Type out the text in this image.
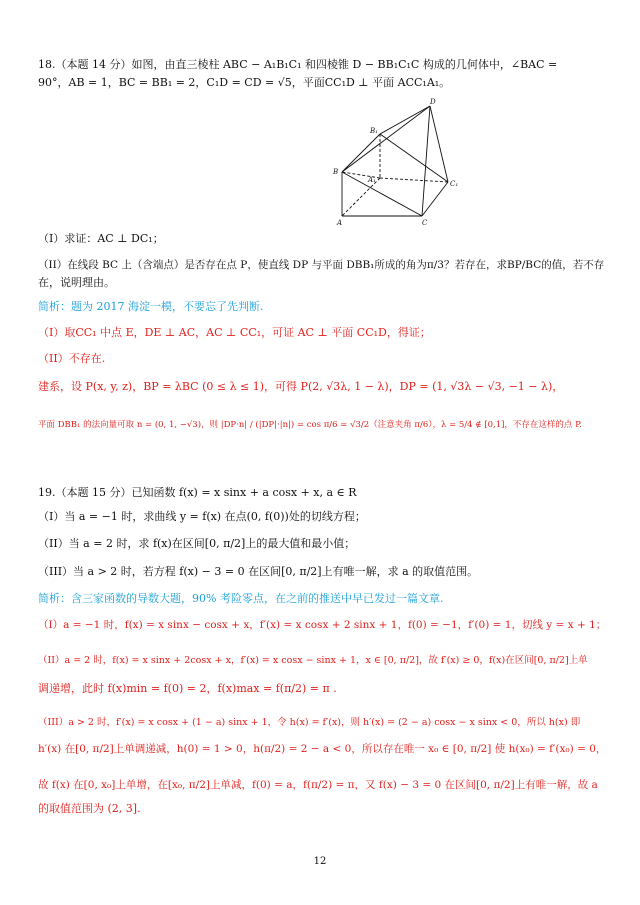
18.（本题 14 分）如图，由直三棱柱 ABC − A₁B₁C₁ 和四棱锥 D − BB₁C₁C 构成的几何体中，∠BAC =
90°，AB = 1，BC = BB₁ = 2，C₁D = CD = √5，平面CC₁D ⊥ 平面 ACC₁A₁。
D
B₁
B
A₁	C₁
A	C
（I）求证：AC ⊥ DC₁；
（II）在线段 BC 上（含端点）是否存在点 P，使直线 DP 与平面 DBB₁所成的角为π/3？若存在，求BP/BC的值，若不存
在，说明理由。
简析：题为 2017 海淀一模，不要忘了先判断.
（I）取CC₁ 中点 E，DE ⊥ AC，AC ⊥ CC₁，可证 AC ⊥ 平面 CC₁D，得证；
（II）不存在.
建系，设 P(x, y, z)，BP = λBC (0 ≤ λ ≤ 1)，可得 P(2, √3λ, 1 − λ)，DP = (1, √3λ − √3, −1 − λ)，
平面 DBB₁ 的法向量可取 n = (0, 1, −√3)，则 |DP·n| / (|DP|·|n|) = cos π/6 = √3/2（注意夹角 π/6），λ = 5/4 ∉ [0,1]，不存在这样的点 P.
19.（本题 15 分）已知函数 f(x) = x sinx + a cosx + x, a ∈ R
（I）当 a = −1 时，求曲线 y = f(x) 在点(0, f(0))处的切线方程；
（II）当 a = 2 时，求 f(x)在区间[0, π/2]上的最大值和最小值；
（III）当 a > 2 时，若方程 f(x) − 3 = 0 在区间[0, π/2]上有唯一解，求 a 的取值范围。
简析：含三家函数的导数大题，90% 考险零点，在之前的推送中早已发过一篇文章.
（I）a = −1 时，f(x) = x sinx − cosx + x，f′(x) = x cosx + 2 sinx + 1，f(0) = −1，f′(0) = 1，切线 y = x + 1；
（II）a = 2 时，f(x) = x sinx + 2cosx + x，f′(x) = x cosx − sinx + 1，x ∈ [0, π/2]，故 f′(x) ≥ 0，f(x)在区间[0, π/2]上单
调递增，此时 f(x)min = f(0) = 2，f(x)max = f(π/2) = π .
（III）a > 2 时，f′(x) = x cosx + (1 − a) sinx + 1，令 h(x) = f′(x)，则 h′(x) = (2 − a) cosx − x sinx < 0，所以 h(x) 即
h′(x) 在[0, π/2]上单调递减，h(0) = 1 > 0，h(π/2) = 2 − a < 0，所以存在唯一 x₀ ∈ [0, π/2] 使 h(x₀) = f′(x₀) = 0，
故 f(x) 在[0, x₀]上单增，在[x₀, π/2]上单减，f(0) = a，f(π/2) = π，又 f(x) − 3 = 0 在区间[0, π/2]上有唯一解，故 a
的取值范围为 (2, 3].
12
